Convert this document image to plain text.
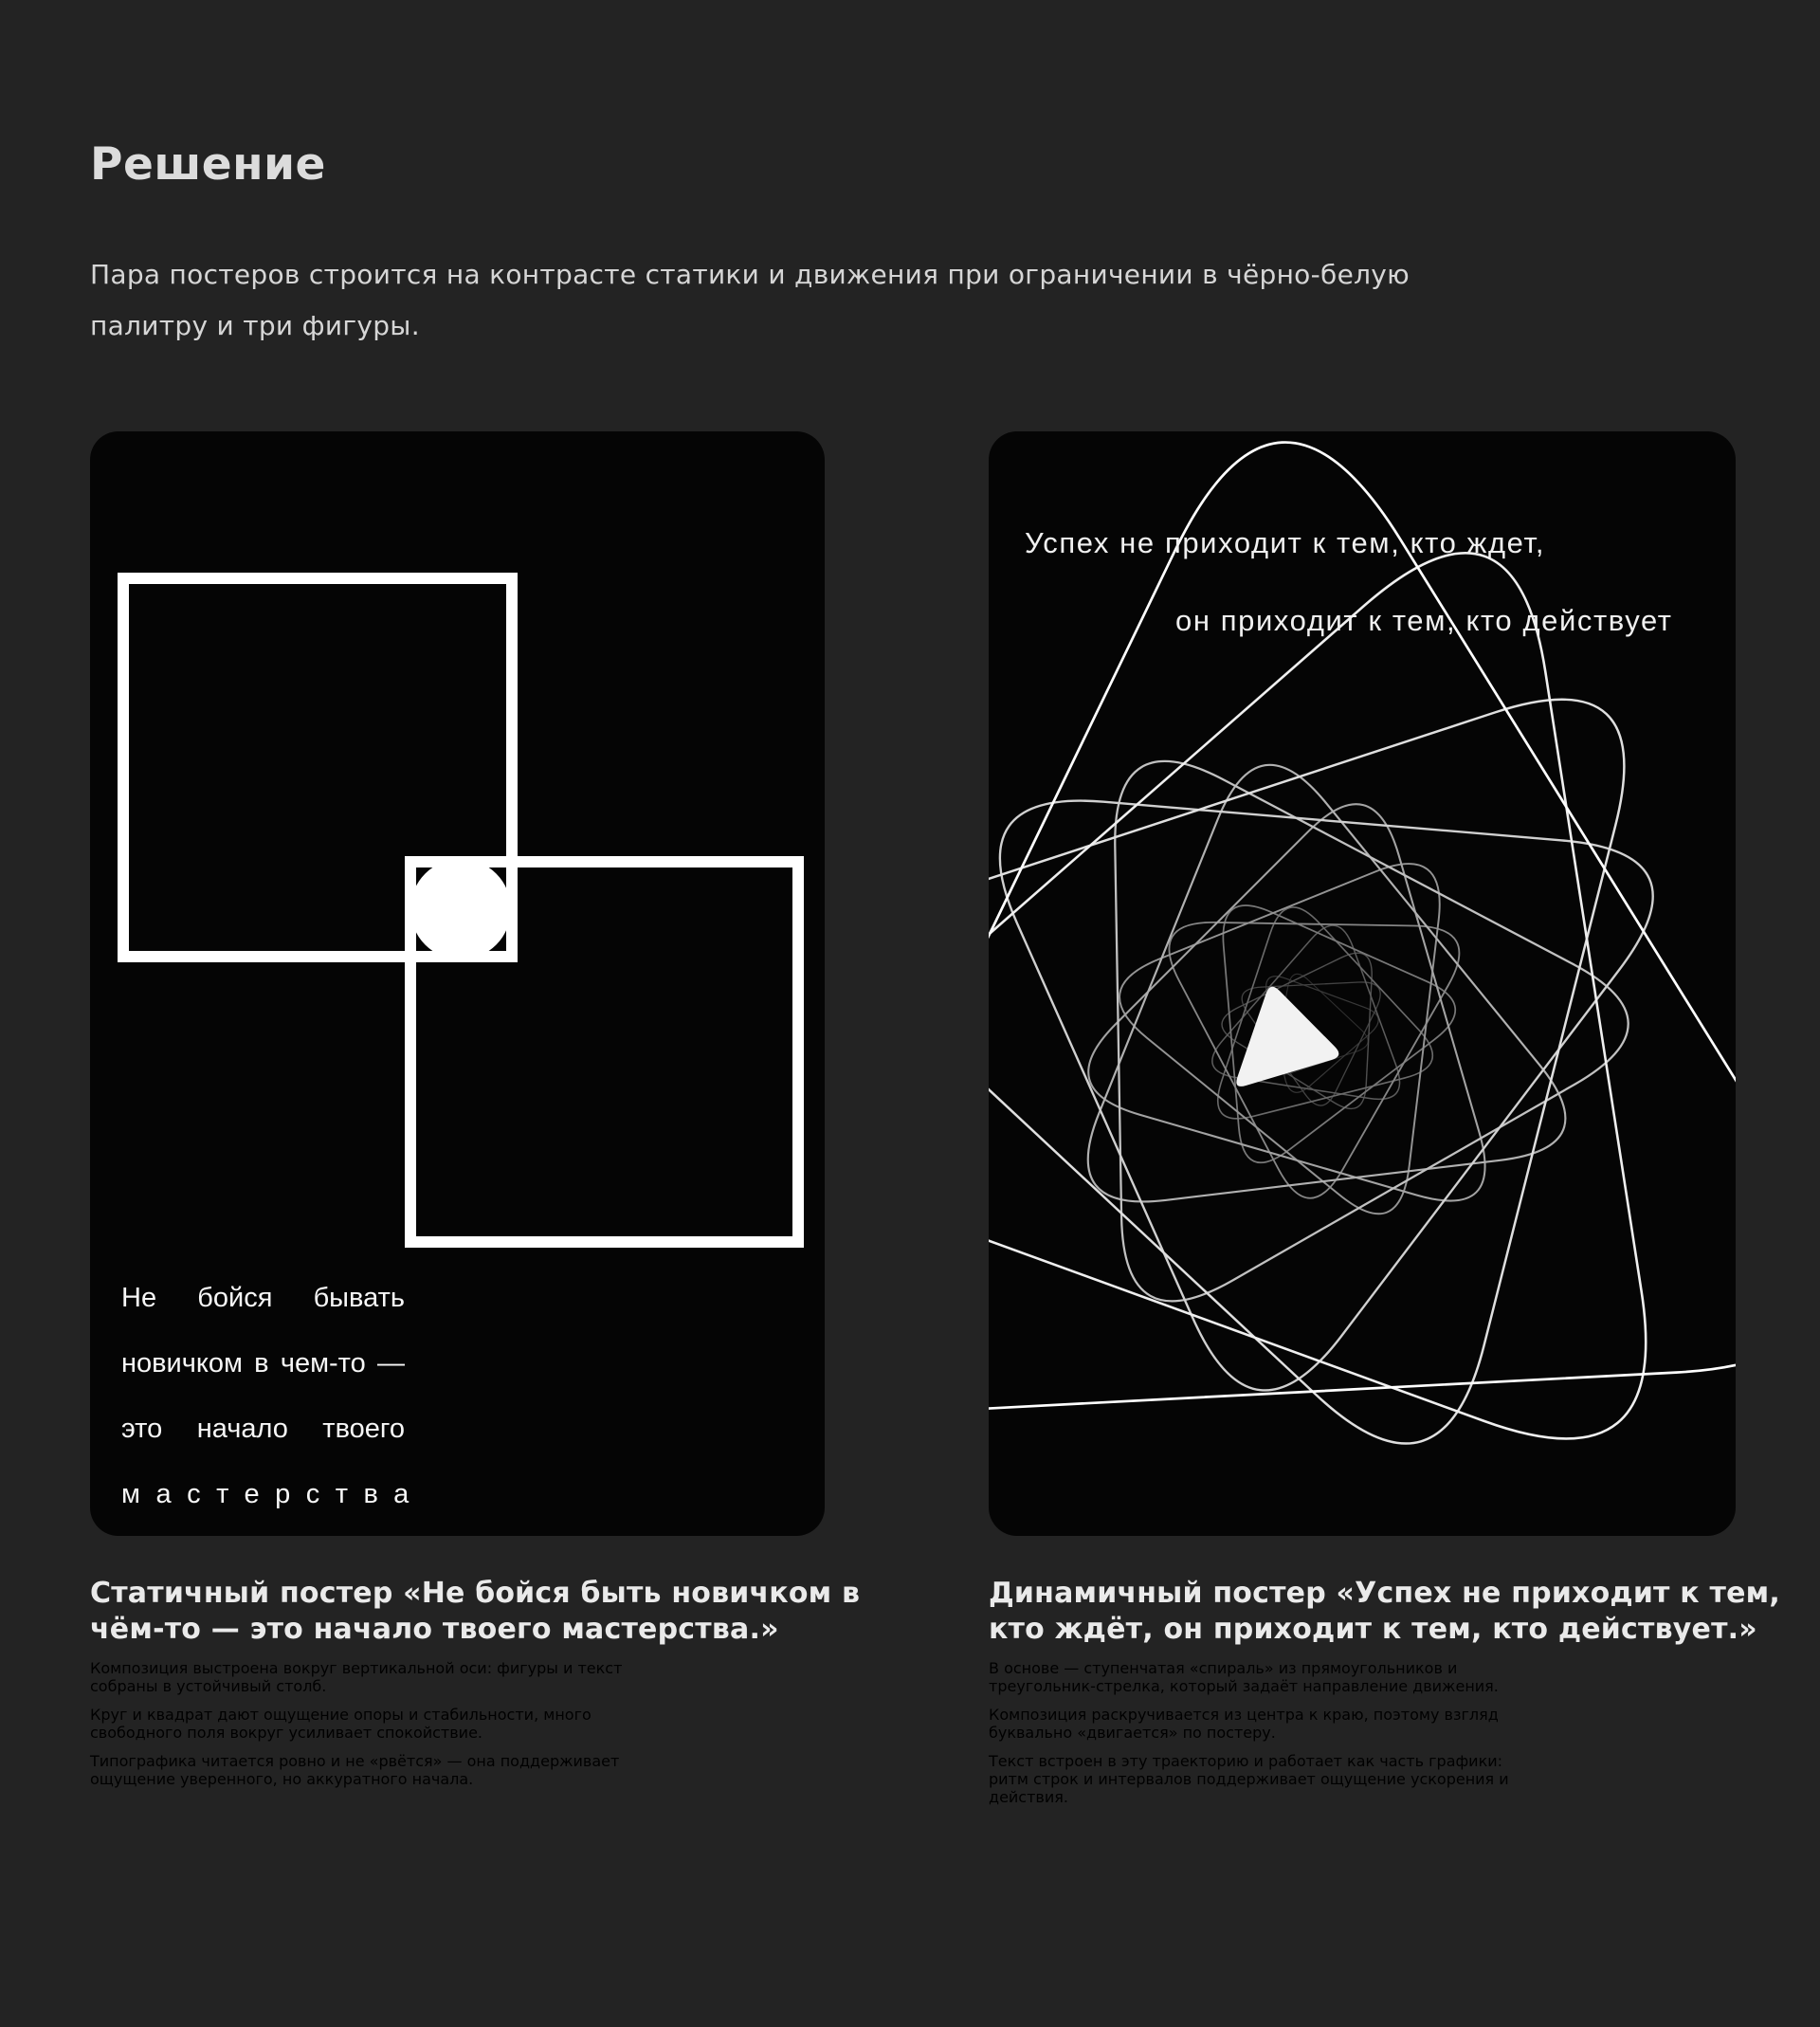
Решение
Пара постеров строится на контрасте статики и движения при ограничении в чёрно-белую
палитру и три фигуры.
Не бойся бывать
новичком в чем-то —
это начало твоего
мастерства
Успех не приходит к тем, кто ждет,
он приходит к тем, кто действует
Статичный постер «Не бойся быть новичком в
чём-то — это начало твоего мастерства.»

Композиция выстроена вокруг вертикальной оси: фигуры и текст
собраны в устойчивый столб.

Круг и квадрат дают ощущение опоры и стабильности, много
свободного поля вокруг усиливает спокойствие.

Типографика читается ровно и не «рвётся» — она поддерживает
ощущение уверенного, но аккуратного начала.

Динамичный постер «Успех не приходит к тем,
кто ждёт, он приходит к тем, кто действует.»

В основе — ступенчатая «спираль» из прямоугольников и
треугольник-стрелка, который задаёт направление движения.

Композиция раскручивается из центра к краю, поэтому взгляд
буквально «двигается» по постеру.

Текст встроен в эту траекторию и работает как часть графики:
ритм строк и интервалов поддерживает ощущение ускорения и
действия.
